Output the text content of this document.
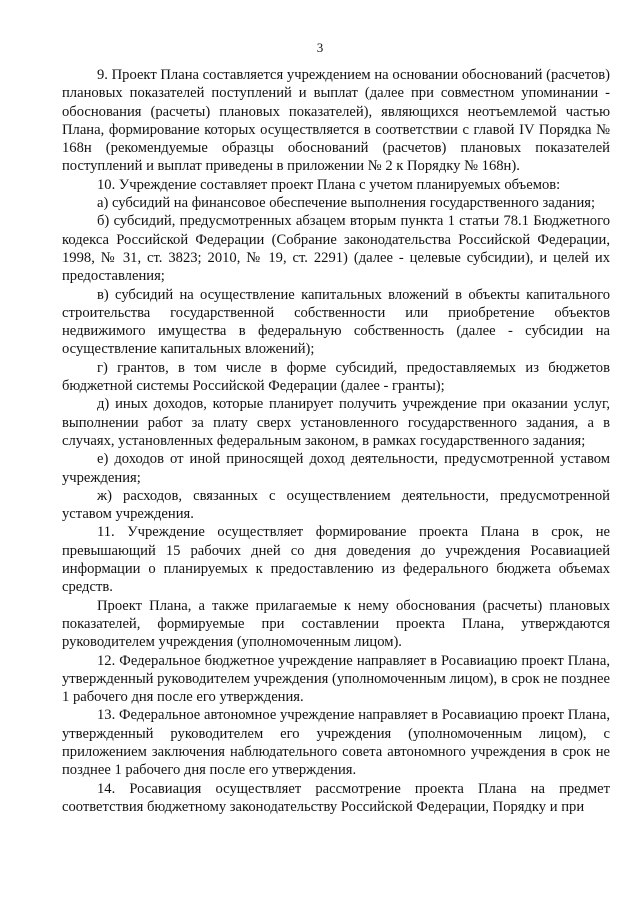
3

9. Проект Плана составляется учреждением на основании обоснований (расчетов) плановых показателей поступлений и выплат (далее при совместном упоминании - обоснования (расчеты) плановых показателей), являющихся неотъемлемой частью Плана, формирование которых осуществляется в соответствии с главой IV Порядка № 168н (рекомендуемые образцы обоснований (расчетов) плановых показателей поступлений и выплат приведены в приложении № 2 к Порядку № 168н).

10. Учреждение составляет проект Плана с учетом планируемых объемов:

а) субсидий на финансовое обеспечение выполнения государственного задания;

б) субсидий, предусмотренных абзацем вторым пункта 1 статьи 78.1 Бюджетного кодекса Российской Федерации (Собрание законодательства Российской Федерации, 1998, № 31, ст. 3823; 2010, № 19, ст. 2291) (далее - целевые субсидии), и целей их предоставления;

в) субсидий на осуществление капитальных вложений в объекты капитального строительства государственной собственности или приобретение объектов недвижимого имущества в федеральную собственность (далее - субсидии на осуществление капитальных вложений);

г) грантов, в том числе в форме субсидий, предоставляемых из бюджетов бюджетной системы Российской Федерации (далее - гранты);

д) иных доходов, которые планирует получить учреждение при оказании услуг, выполнении работ за плату сверх установленного государственного задания, а в случаях, установленных федеральным законом, в рамках государственного задания;

е) доходов от иной приносящей доход деятельности, предусмотренной уставом учреждения;

ж) расходов, связанных с осуществлением деятельности, предусмотренной уставом учреждения.

11. Учреждение осуществляет формирование проекта Плана в срок, не превышающий 15 рабочих дней со дня доведения до учреждения Росавиацией информации о планируемых к предоставлению из федерального бюджета объемах средств.

Проект Плана, а также прилагаемые к нему обоснования (расчеты) плановых показателей, формируемые при составлении проекта Плана, утверждаются руководителем учреждения (уполномоченным лицом).

12. Федеральное бюджетное учреждение направляет в Росавиацию проект Плана, утвержденный руководителем учреждения (уполномоченным лицом), в срок не позднее 1 рабочего дня после его утверждения.

13. Федеральное автономное учреждение направляет в Росавиацию проект Плана, утвержденный руководителем его учреждения (уполномоченным лицом), с приложением заключения наблюдательного совета автономного учреждения в срок не позднее 1 рабочего дня после его утверждения.

14. Росавиация осуществляет рассмотрение проекта Плана на предмет соответствия бюджетному законодательству Российской Федерации, Порядку и при
